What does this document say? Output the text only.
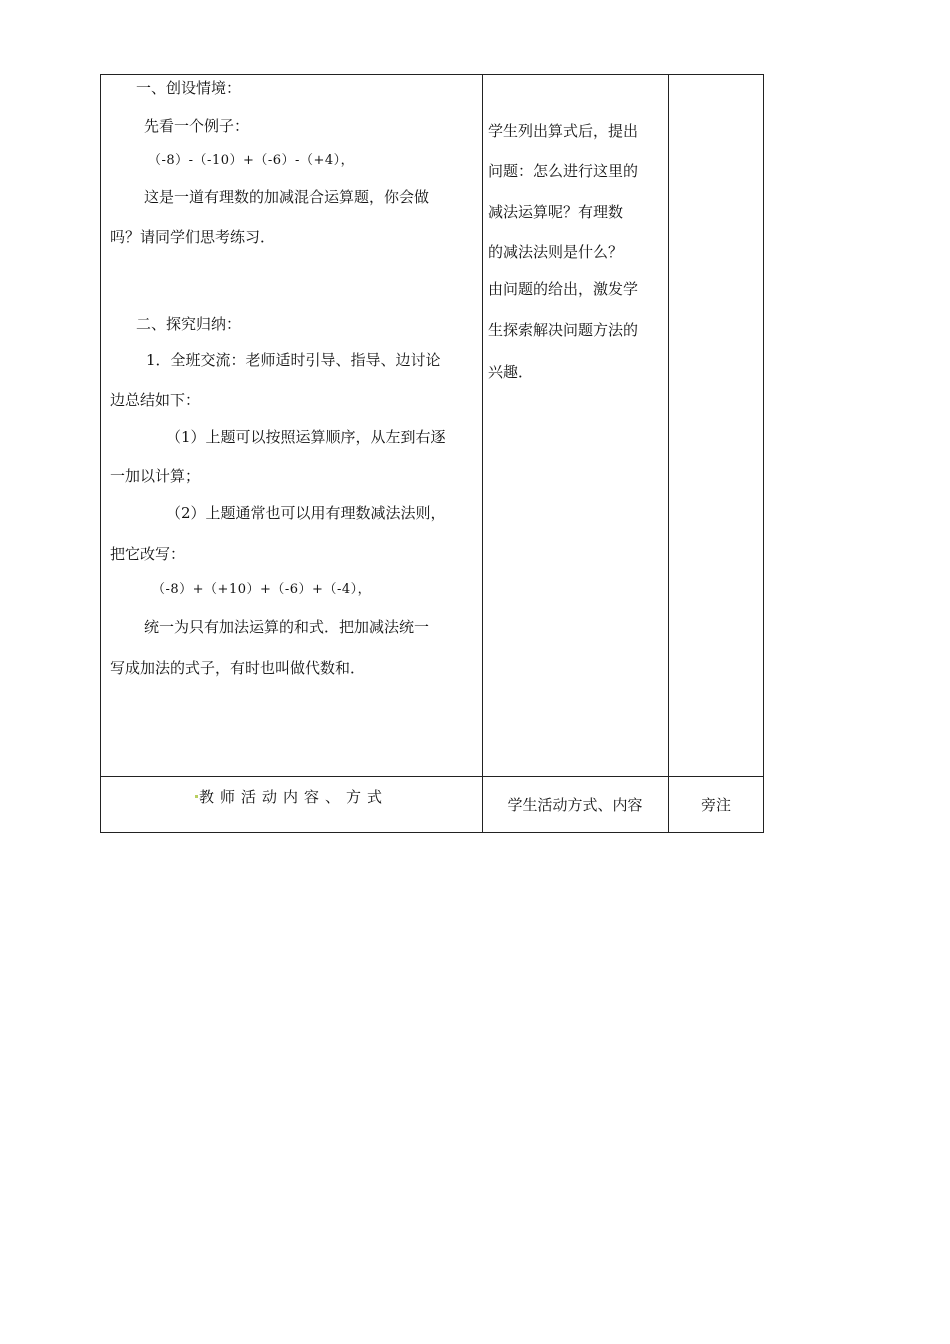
一、创设情境：
先看一个例子：
（-8）-（-10）+（-6）-（+4），
这是一道有理数的加减混合运算题，你会做
吗？请同学们思考练习．
二、探究归纳：
1．全班交流：老师适时引导、指导、边讨论
边总结如下：
（1）上题可以按照运算顺序，从左到右逐
一加以计算；
（2）上题通常也可以用有理数减法法则，
把它改写：
（-8）+（+10）+（-6）+（-4），
统一为只有加法运算的和式．把加减法统一
写成加法的式子，有时也叫做代数和．
学生列出算式后，提出
问题：怎么进行这里的
减法运算呢？有理数
的减法法则是什么？
由问题的给出，激发学
生探索解决问题方法的
兴趣．
教师活动内容、方式	学生活动方式、内容	旁注
